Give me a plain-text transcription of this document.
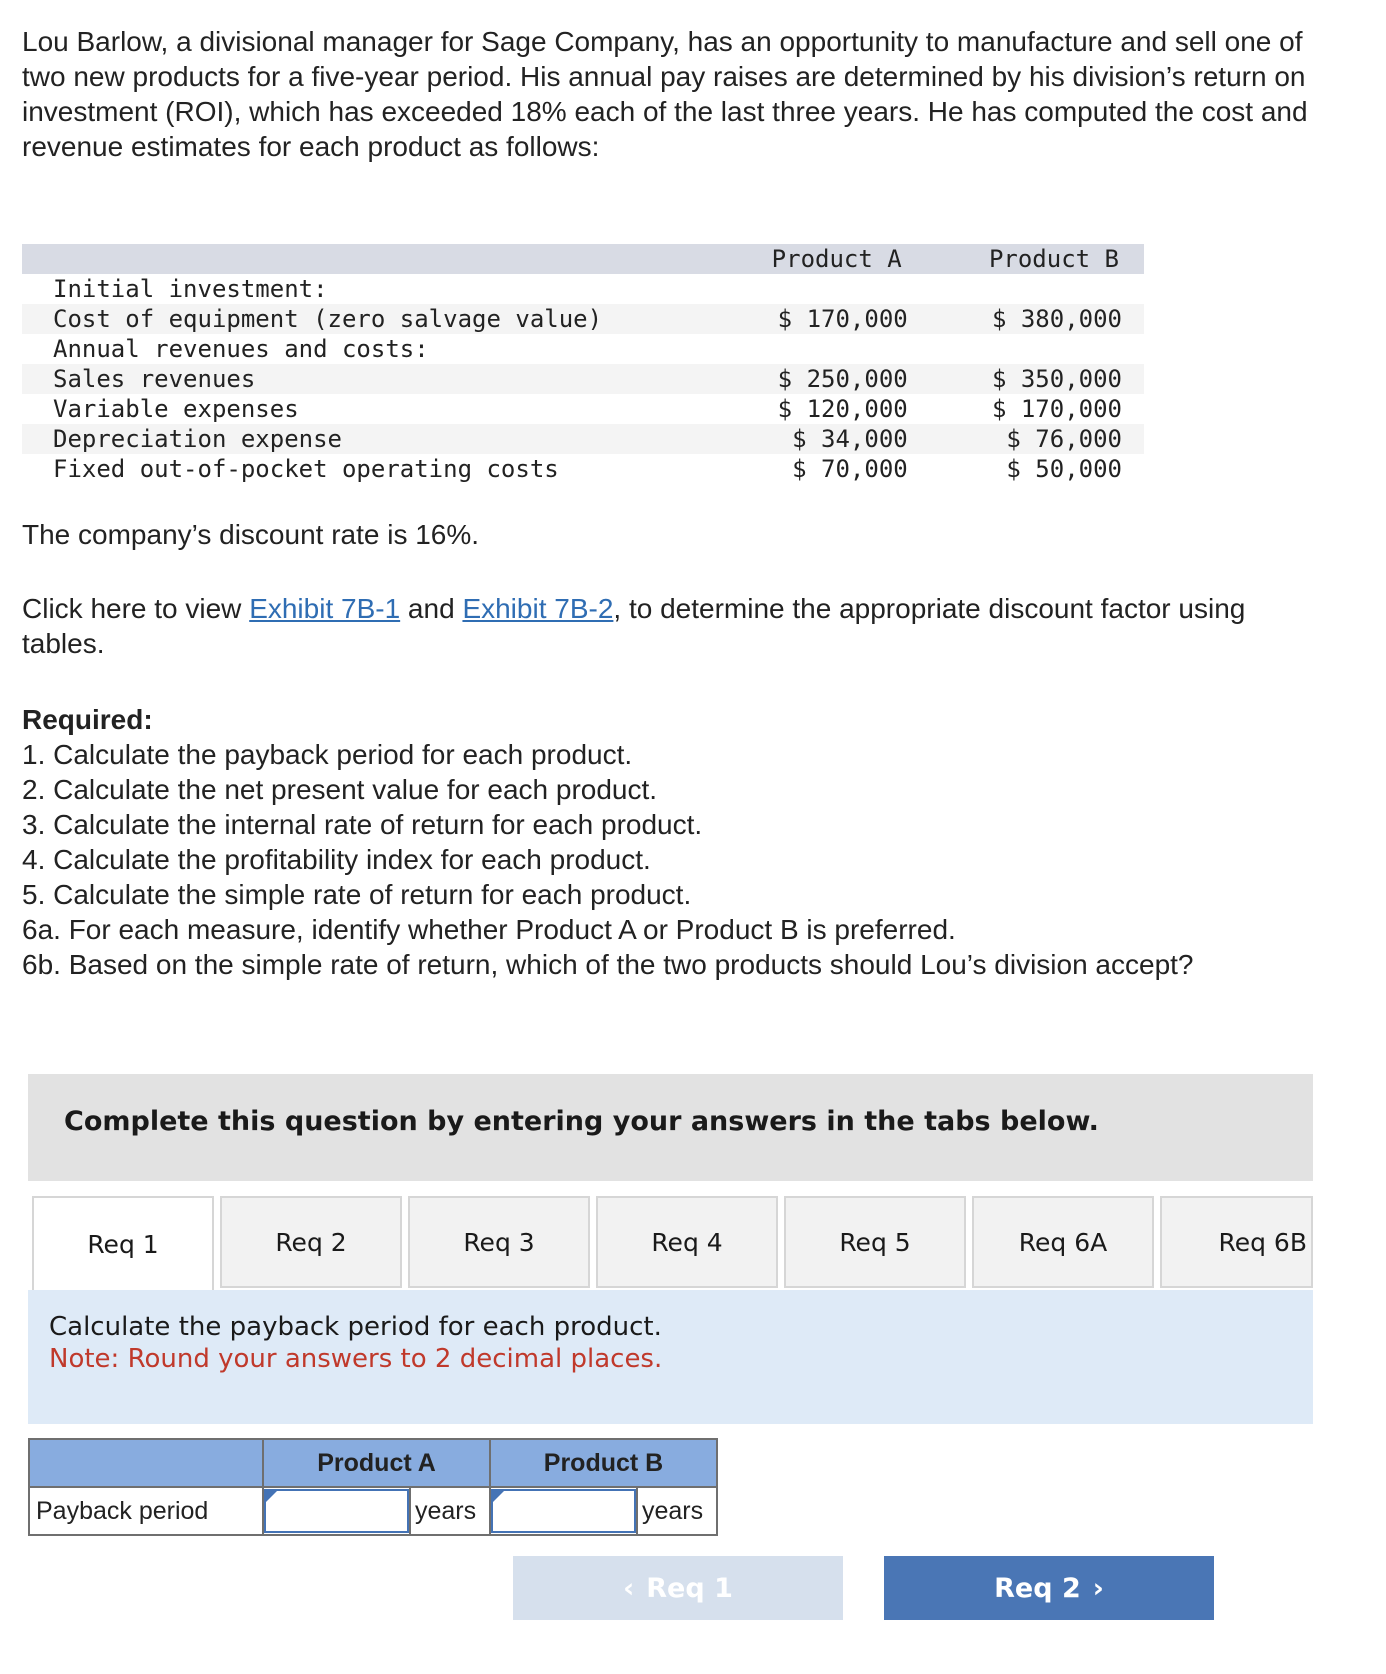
Lou Barlow, a divisional manager for Sage Company, has an opportunity to manufacture and sell one of two new products for a five-year period. His annual pay raises are determined by his division’s return on investment (ROI), which has exceeded 18% each of the last three years. He has computed the cost and revenue estimates for each product as follows:

	Product A	Product B
Initial investment:		
Cost of equipment (zero salvage value)	$ 170,000	$ 380,000
Annual revenues and costs:		
Sales revenues	$ 250,000	$ 350,000
Variable expenses	$ 120,000	$ 170,000
Depreciation expense	$ 34,000	$ 76,000
Fixed out-of-pocket operating costs	$ 70,000	$ 50,000

The company’s discount rate is 16%.

Click here to view Exhibit 7B-1 and Exhibit 7B-2, to determine the appropriate discount factor using tables.

Required:
1. Calculate the payback period for each product.
2. Calculate the net present value for each product.
3. Calculate the internal rate of return for each product.
4. Calculate the profitability index for each product.
5. Calculate the simple rate of return for each product.
6a. For each measure, identify whether Product A or Product B is preferred.
6b. Based on the simple rate of return, which of the two products should Lou’s division accept?
Complete this question by entering your answers in the tabs below.
Req 1	Req 2	Req 3	Req 4	Req 5	Req 6A	Req 6B
Calculate the payback period for each product.
Note: Round your answers to 2 decimal places.
	Product A		Product B	
Payback period		years		years
‹ Req 1	Req 2 ›
